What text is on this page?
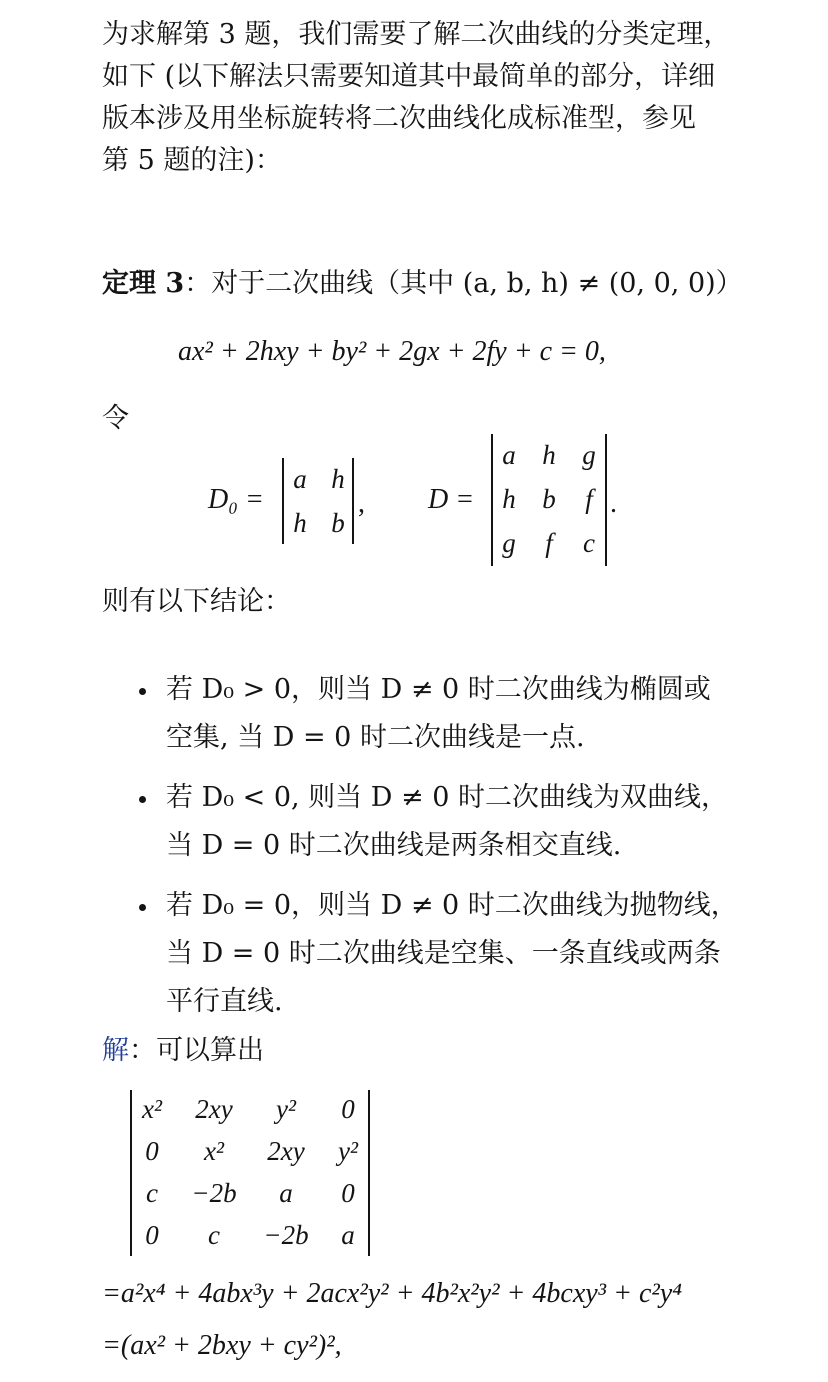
为求解第 3 题，我们需要了解二次曲线的分类定理，
如下 (以下解法只需要知道其中最简单的部分，详细
版本涉及用坐标旋转将二次曲线化成标准型，参见
第 5 题的注)：
定理 3：对于二次曲线（其中 (a, b, h) ≠ (0, 0, 0)）
ax² + 2hxy + by² + 2gx + 2fy + c = 0,
令
D₀ =
a h
h b
, D =
a h g
h b	f
g	f	c
.
则有以下结论：
若 D₀ > 0，则当 D ≠ 0 时二次曲线为椭圆或
空集, 当 D = 0 时二次曲线是一点.
若 D₀ < 0, 则当 D ≠ 0 时二次曲线为双曲线，
当 D = 0 时二次曲线是两条相交直线.
若 D₀ = 0，则当 D ≠ 0 时二次曲线为抛物线，
当 D = 0 时二次曲线是空集、一条直线或两条
平行直线.
解：可以算出
x² 2xy	y²	0
0	x²	2xy y²
c	−2b	a	0
0	c	−2b	a
=a²x⁴ + 4abx³y + 2acx²y² + 4b²x²y² + 4bcxy³ + c²y⁴
=(ax² + 2bxy + cy²)²,
